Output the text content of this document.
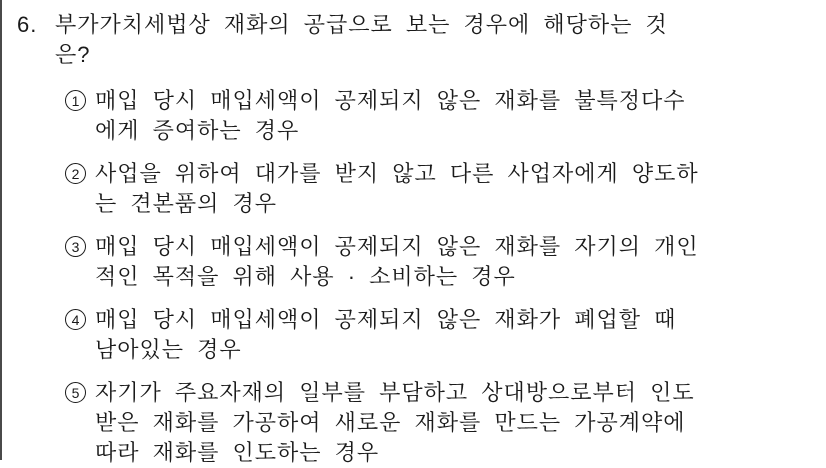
6. 부가가치세법상 재화의 공급으로 보는 경우에 해당하는 것
은?
1 매입 당시 매입세액이 공제되지 않은 재화를 불특정다수
에게 증여하는 경우
2 사업을 위하여 대가를 받지 않고 다른 사업자에게 양도하
는 견본품의 경우
3 매입 당시 매입세액이 공제되지 않은 재화를 자기의 개인
적인 목적을 위해 사용 · 소비하는 경우
4 매입 당시 매입세액이 공제되지 않은 재화가 폐업할 때
남아있는 경우
5 자기가 주요자재의 일부를 부담하고 상대방으로부터 인도
받은 재화를 가공하여 새로운 재화를 만드는 가공계약에
따라 재화를 인도하는 경우
